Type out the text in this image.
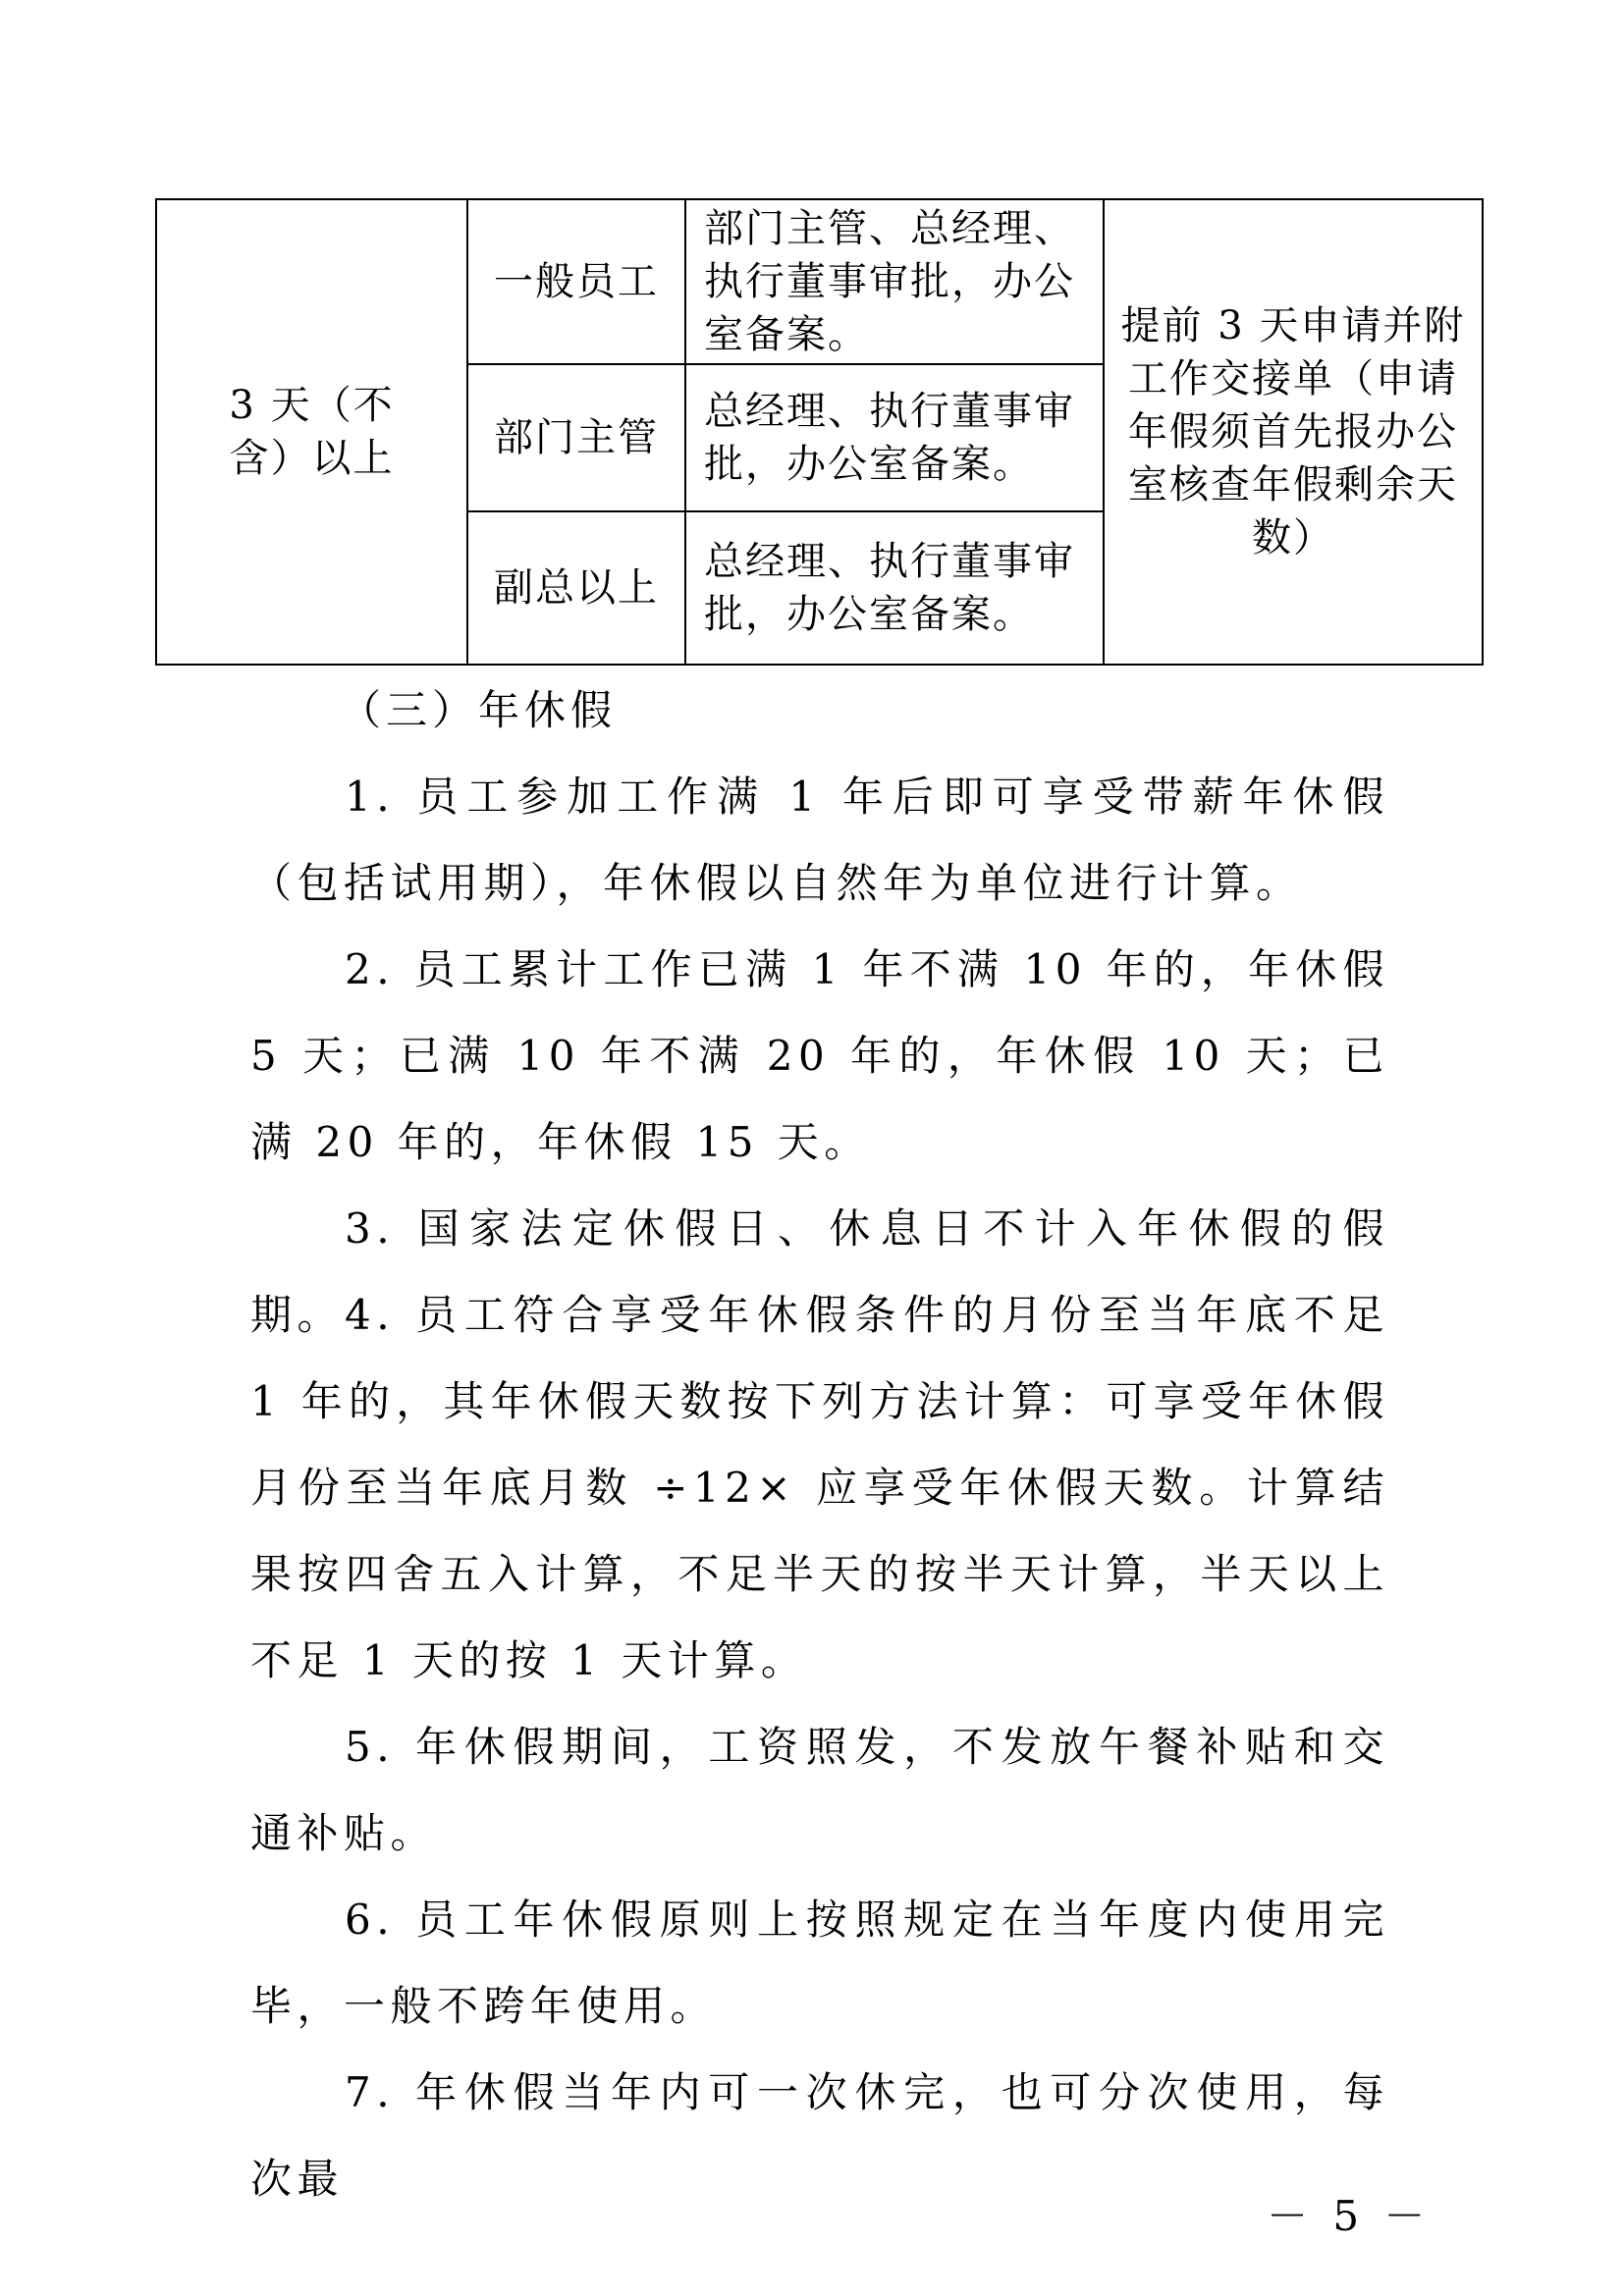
3 天（不含）以上	一般员工	部门主管、总经理、执行董事审批，办公室备案。	提前 3 天申请并附工作交接单（申请年假须首先报办公室核查年假剩余天数）
	部门主管	总经理、执行董事审批，办公室备案。	
	副总以上	总经理、执行董事审批，办公室备案。	

（三）年休假

1. 员工参加工作满 1 年后即可享受带薪年休假（包括试用期），年休假以自然年为单位进行计算。

2. 员工累计工作已满 1 年不满 10 年的，年休假 5 天；已满 10 年不满 20 年的，年休假 10 天；已满 20 年的，年休假 15 天。

3. 国家法定休假日、休息日不计入年休假的假期。 4. 员工符合享受年休假条件的月份至当年底不足 1 年的，其年休假天数按下列方法计算：可享受年休假月份至当年底月数 ÷12× 应享受年休假天数。计算结果按四舍五入计算，不足半天的按半天计算，半天以上不足 1 天的按 1 天计算。

5. 年休假期间，工资照发，不发放午餐补贴和交通补贴。

6. 员工年休假原则上按照规定在当年度内使用完毕，一般不跨年使用。

7. 年休假当年内可一次休完，也可分次使用，每次最

－ 5 －
